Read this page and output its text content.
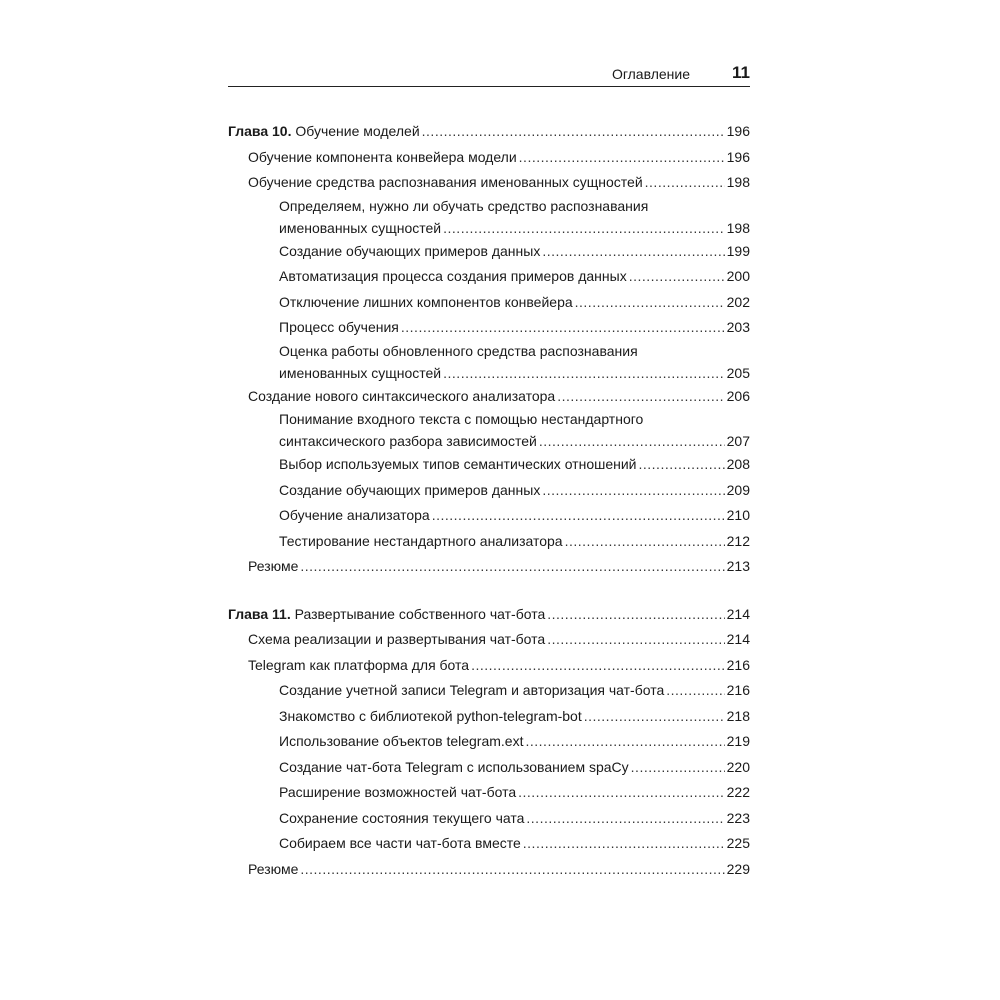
Оглавление 11
Глава 10. Обучение моделей .....	196
Обучение компонента конвейера модели .....	196
Обучение средства распознавания именованных сущностей .....	198
Определяем, нужно ли обучать средство распознавания
именованных сущностей .....	198
Создание обучающих примеров данных .....	199
Автоматизация процесса создания примеров данных .....	200
Отключение лишних компонентов конвейера .....	202
Процесс обучения .....	203
Оценка работы обновленного средства распознавания
именованных сущностей .....	205
Создание нового синтаксического анализатора .....	206
Понимание входного текста с помощью нестандартного
синтаксического разбора зависимостей .....	207
Выбор используемых типов семантических отношений .....	208
Создание обучающих примеров данных .....	209
Обучение анализатора .....	210
Тестирование нестандартного анализатора .....	212
Резюме .....	213
Глава 11. Развертывание собственного чат-бота .....	214
Схема реализации и развертывания чат-бота .....	214
Telegram как платформа для бота .....	216
Создание учетной записи Telegram и авторизация чат-бота .....	216
Знакомство с библиотекой python-telegram-bot .....	218
Использование объектов telegram.ext .....	219
Создание чат-бота Telegram с использованием spaCy .....	220
Расширение возможностей чат-бота .....	222
Сохранение состояния текущего чата .....	223
Собираем все части чат-бота вместе .....	225
Резюме .....	229
